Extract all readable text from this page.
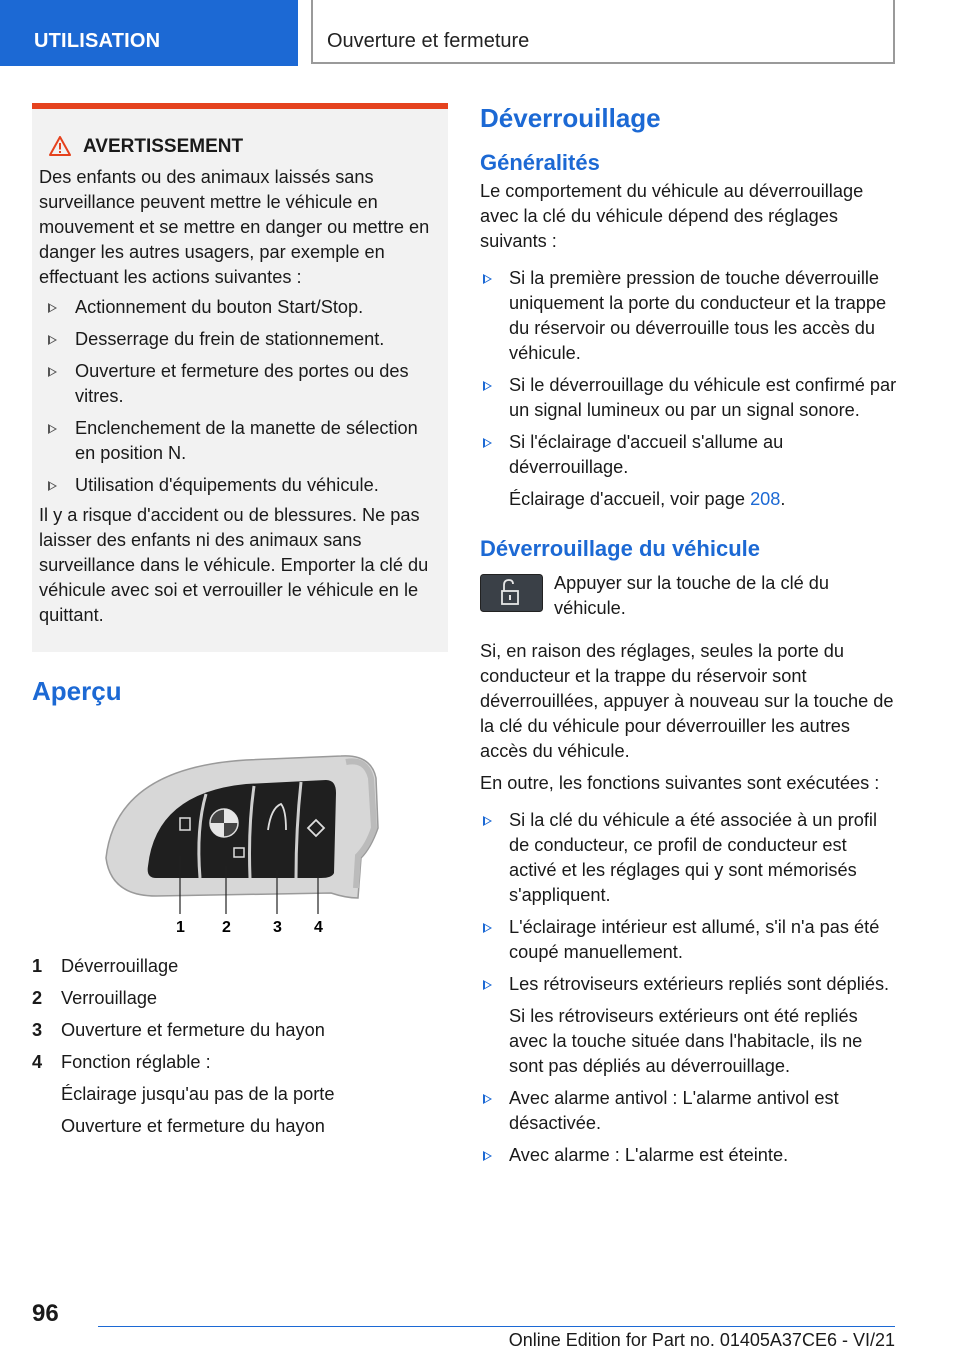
UTILISATION	Ouverture et fermeture
AVERTISSEMENT

Des enfants ou des animaux laissés sans surveillance peuvent mettre le véhicule en mouvement et se mettre en danger ou mettre en danger les autres usagers, par exemple en effectuant les actions suivantes :

Actionnement du bouton Start/Stop.
Desserrage du frein de stationnement.
Ouverture et fermeture des portes ou des vitres.
Enclenchement de la manette de sélection en position N.
Utilisation d'équipements du véhicule.

Il y a risque d'accident ou de blessures. Ne pas laisser des enfants ni des animaux sans surveillance dans le véhicule. Emporter la clé du véhicule avec soi et verrouiller le véhicule en le quittant.

Aperçu
1 2	3 4
1	Déverrouillage
2	Verrouillage
3	Ouverture et fermeture du hayon
4	Fonction réglable :
Éclairage jusqu'au pas de la porte
Ouverture et fermeture du hayon
Déverrouillage
Généralités

Le comportement du véhicule au déverrouillage avec la clé du véhicule dépend des réglages suivants :

Si la première pression de touche déverrouille uniquement la porte du conducteur et la trappe du réservoir ou déverrouille tous les accès du véhicule.
Si le déverrouillage du véhicule est confirmé par un signal lumineux ou par un signal sonore.
Si l'éclairage d'accueil s'allume au déverrouillage.

Éclairage d'accueil, voir page 208.

Déverrouillage du véhicule
Appuyer sur la touche de la clé du véhicule.

Si, en raison des réglages, seules la porte du conducteur et la trappe du réservoir sont déverrouillées, appuyer à nouveau sur la touche de la clé du véhicule pour déverrouiller les autres accès du véhicule.

En outre, les fonctions suivantes sont exécutées :

Si la clé du véhicule a été associée à un profil de conducteur, ce profil de conducteur est activé et les réglages qui y sont mémorisés s'appliquent.
L'éclairage intérieur est allumé, s'il n'a pas été coupé manuellement.
Les rétroviseurs extérieurs repliés sont dépliés.

Si les rétroviseurs extérieurs ont été repliés avec la touche située dans l'habitacle, ils ne sont pas dépliés au déverrouillage.

Avec alarme antivol : L'alarme antivol est désactivée.
Avec alarme : L'alarme est éteinte.
96
Online Edition for Part no. 01405A37CE6 - VI/21
